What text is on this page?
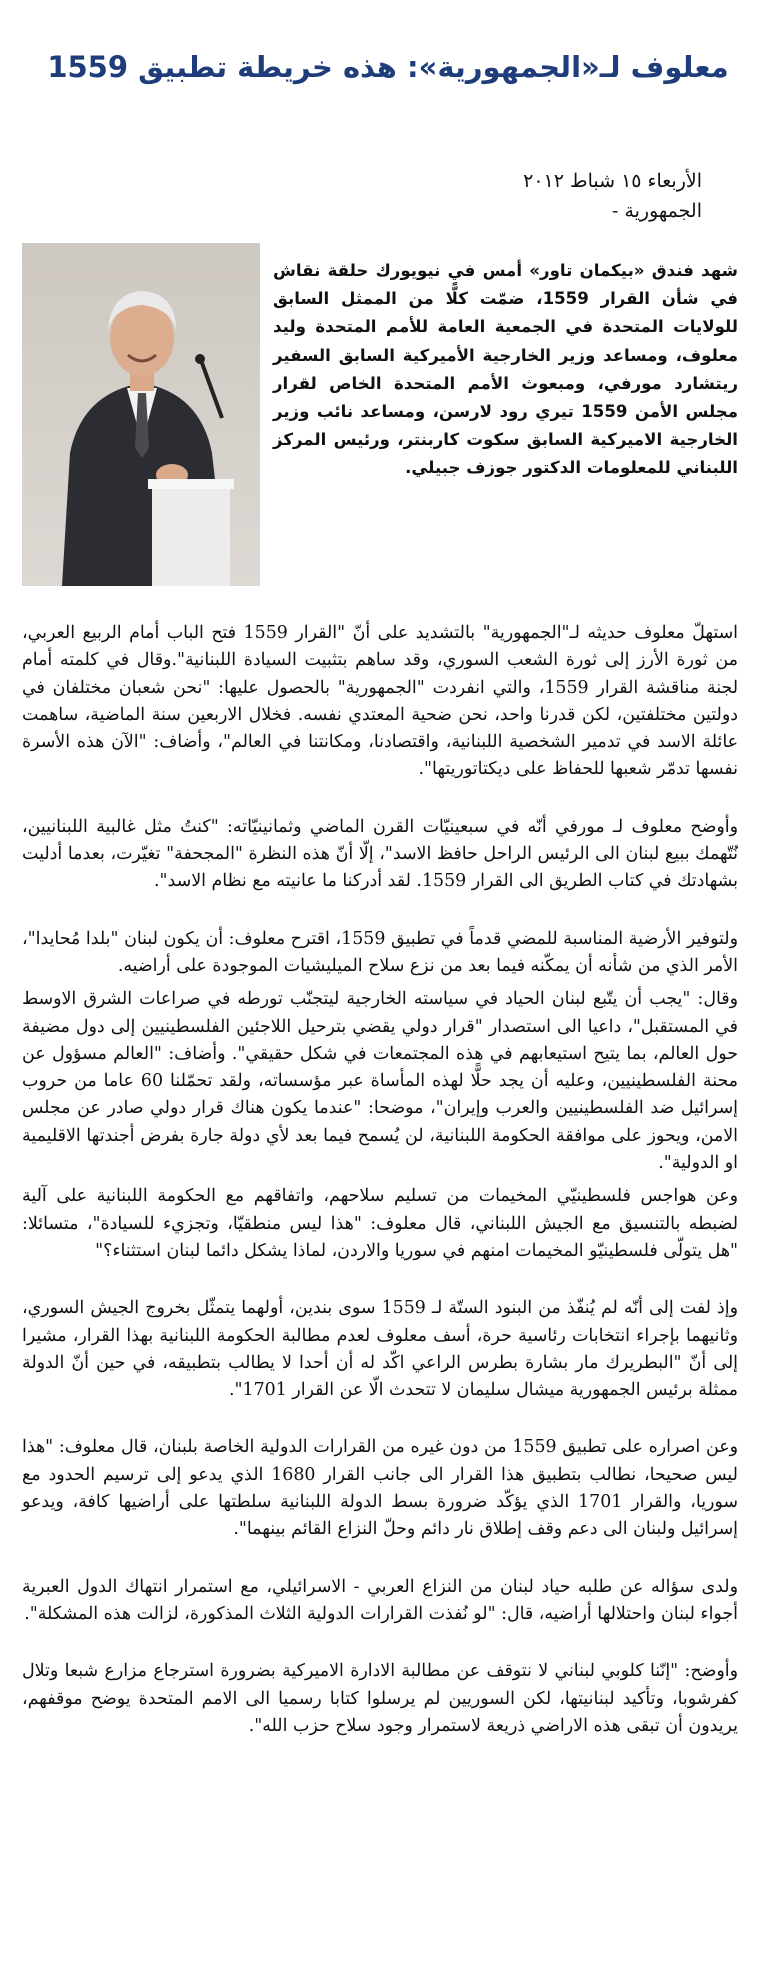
معلوف لـ«الجمهورية»: هذه خريطة تطبيق 1559
الأربعاء ١٥ شباط ٢٠١٢
الجمهورية -

شهد فندق «بيكمان تاور» أمس في نيويورك حلقة نقاش في شأن القرار 1559، ضمّت كلًّا من الممثل السابق للولايات المتحدة في الجمعية العامة للأمم المتحدة وليد معلوف، ومساعد وزير الخارجية الأميركية السابق السفير ريتشارد مورفي، ومبعوث الأمم المتحدة الخاص لقرار مجلس الأمن 1559 تيري رود لارسن، ومساعد نائب وزير الخارجية الاميركية السابق سكوت كاربنتر، ورئيس المركز اللبناني للمعلومات الدكتور جوزف جبيلي.

استهلّ معلوف حديثه لـ"الجمهورية" بالتشديد على أنّ "القرار 1559 فتح الباب أمام الربيع العربي، من ثورة الأرز إلى ثورة الشعب السوري، وقد ساهم بتثبيت السيادة اللبنانية".وقال في كلمته أمام لجنة مناقشة القرار 1559، والتي انفردت "الجمهورية" بالحصول عليها: "نحن شعبان مختلفان في دولتين مختلفتين، لكن قدرنا واحد، نحن ضحية المعتدي نفسه. فخلال الاربعين سنة الماضية، ساهمت عائلة الاسد في تدمير الشخصية اللبنانية، واقتصادنا، ومكانتنا في العالم"، وأضاف: "الآن هذه الأسرة نفسها تدمّر شعبها للحفاظ على ديكتاتوريتها".

وأوضح معلوف لـ مورفي أنّه في سبعينيّات القرن الماضي وثمانينيّاته: "كنتُ مثل غالبية اللبنانيين، نُتّهمك ببيع لبنان الى الرئيس الراحل حافظ الاسد"، إلّا أنّ هذه النظرة "المجحفة" تغيّرت، بعدما أدليت بشهادتك في كتاب الطريق الى القرار 1559. لقد أدركنا ما عانيته مع نظام الاسد".

ولتوفير الأرضية المناسبة للمضي قدماً في تطبيق 1559، اقترح معلوف: أن يكون لبنان "بلدا مُحايدا"، الأمر الذي من شأنه أن يمكّنه فيما بعد من نزع سلاح الميليشيات الموجودة على أراضيه.

وقال: "يجب أن يتّبع لبنان الحياد في سياسته الخارجية ليتجنّب تورطه في صراعات الشرق الاوسط في المستقبل"، داعيا الى استصدار "قرار دولي يقضي بترحيل اللاجئين الفلسطينيين إلى دول مضيفة حول العالم، بما يتيح استيعابهم في هذه المجتمعات في شكل حقيقي". وأضاف: "العالم مسؤول عن محنة الفلسطينيين، وعليه أن يجد حلًّا لهذه المأساة عبر مؤسساته، ولقد تحمّلنا 60 عاما من حروب إسرائيل ضد الفلسطينيين والعرب وإيران"، موضحا: "عندما يكون هناك قرار دولي صادر عن مجلس الامن، ويحوز على موافقة الحكومة اللبنانية، لن يُسمح فيما بعد لأي دولة جارة بفرض أجندتها الاقليمية او الدولية".

وعن هواجس فلسطينيّي المخيمات من تسليم سلاحهم، واتفاقهم مع الحكومة اللبنانية على آلية لضبطه بالتنسيق مع الجيش اللبناني، قال معلوف: "هذا ليس منطقيّا، وتجزيء للسيادة"، متسائلا: "هل يتولّى فلسطينيّو المخيمات امنهم في سوريا والاردن، لماذا يشكل دائما لبنان استثناء؟"

وإذ لفت إلى أنّه لم يُنفّذ من البنود الستّة لـ 1559 سوى بندين، أولهما يتمثّل بخروج الجيش السوري، وثانيهما بإجراء انتخابات رئاسية حرة، أسف معلوف لعدم مطالبة الحكومة اللبنانية بهذا القرار، مشيرا إلى أنّ "البطريرك مار بشارة بطرس الراعي اكّد له أن أحدا لا يطالب بتطبيقه، في حين أنّ الدولة ممثلة برئيس الجمهورية ميشال سليمان لا تتحدث الّا عن القرار 1701".

وعن اصراره على تطبيق 1559 من دون غيره من القرارات الدولية الخاصة بلبنان، قال معلوف: "هذا ليس صحيحا، نطالب بتطبيق هذا القرار الى جانب القرار 1680 الذي يدعو إلى ترسيم الحدود مع سوريا، والقرار 1701 الذي يؤكّد ضرورة بسط الدولة اللبنانية سلطتها على أراضيها كافة، ويدعو إسرائيل ولبنان الى دعم وقف إطلاق نار دائم وحلّ النزاع القائم بينهما".

ولدى سؤاله عن طلبه حياد لبنان من النزاع العربي - الاسرائيلي، مع استمرار انتهاك الدول العبرية أجواء لبنان واحتلالها أراضيه، قال: "لو نُفذت القرارات الدولية الثلاث المذكورة، لزالت هذه المشكلة".

وأوضح: "إنّنا كلوبي لبناني لا نتوقف عن مطالبة الادارة الاميركية بضرورة استرجاع مزارع شبعا وتلال كفرشوبا، وتأكيد لبنانيتها، لكن السوريين لم يرسلوا كتابا رسميا الى الامم المتحدة يوضح موقفهم، يريدون أن تبقى هذه الاراضي ذريعة لاستمرار وجود سلاح حزب الله".
